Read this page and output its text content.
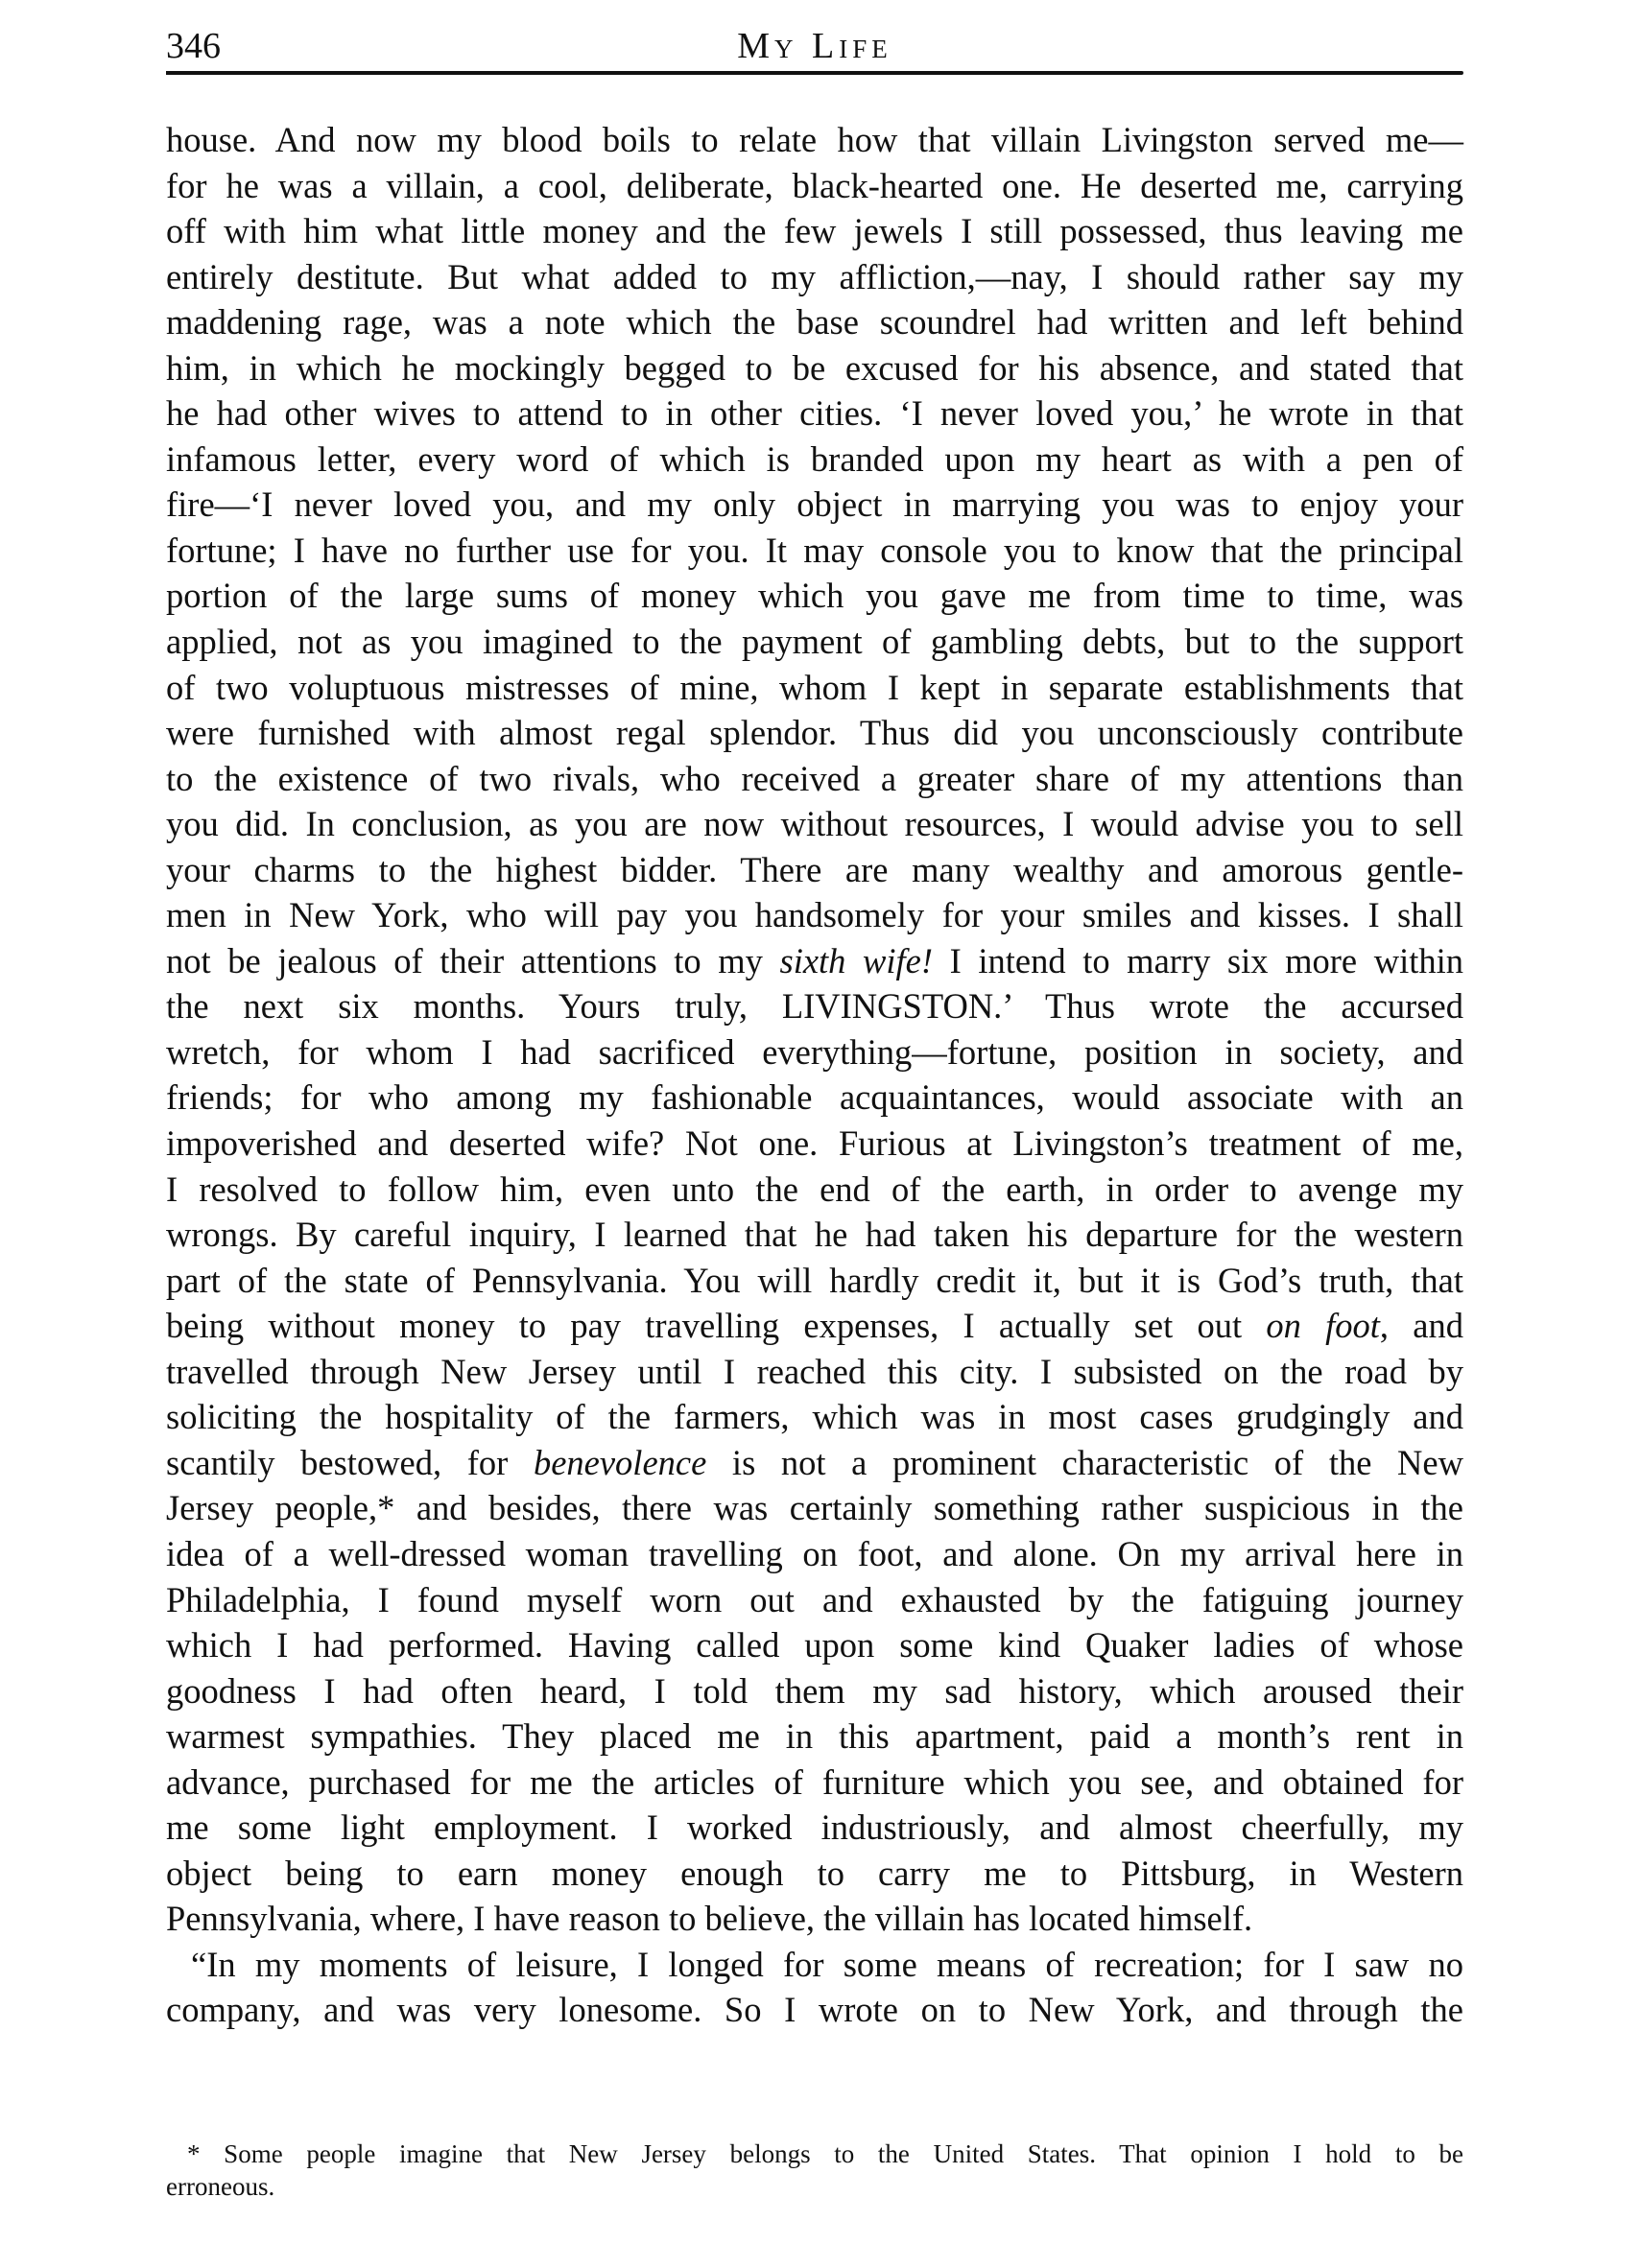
346	My Life
house. And now my blood boils to relate how that villain Livingston served me—
for he was a villain, a cool, deliberate, black-hearted one. He deserted me, carrying
off with him what little money and the few jewels I still possessed, thus leaving me
entirely destitute. But what added to my affliction,—nay, I should rather say my
maddening rage, was a note which the base scoundrel had written and left behind
him, in which he mockingly begged to be excused for his absence, and stated that
he had other wives to attend to in other cities. ‘I never loved you,’ he wrote in that
infamous letter, every word of which is branded upon my heart as with a pen of
fire—‘I never loved you, and my only object in marrying you was to enjoy your
fortune; I have no further use for you. It may console you to know that the principal
portion of the large sums of money which you gave me from time to time, was
applied, not as you imagined to the payment of gambling debts, but to the support
of two voluptuous mistresses of mine, whom I kept in separate establishments that
were furnished with almost regal splendor. Thus did you unconsciously contribute
to the existence of two rivals, who received a greater share of my attentions than
you did. In conclusion, as you are now without resources, I would advise you to sell
your charms to the highest bidder. There are many wealthy and amorous gentle-
men in New York, who will pay you handsomely for your smiles and kisses. I shall
not be jealous of their attentions to my sixth wife! I intend to marry six more within
the next six months. Yours truly, LIVINGSTON.’ Thus wrote the accursed
wretch, for whom I had sacrificed everything—fortune, position in society, and
friends; for who among my fashionable acquaintances, would associate with an
impoverished and deserted wife? Not one. Furious at Livingston’s treatment of me,
I resolved to follow him, even unto the end of the earth, in order to avenge my
wrongs. By careful inquiry, I learned that he had taken his departure for the western
part of the state of Pennsylvania. You will hardly credit it, but it is God’s truth, that
being without money to pay travelling expenses, I actually set out on foot, and
travelled through New Jersey until I reached this city. I subsisted on the road by
soliciting the hospitality of the farmers, which was in most cases grudgingly and
scantily bestowed, for benevolence is not a prominent characteristic of the New
Jersey people,* and besides, there was certainly something rather suspicious in the
idea of a well-dressed woman travelling on foot, and alone. On my arrival here in
Philadelphia, I found myself worn out and exhausted by the fatiguing journey
which I had performed. Having called upon some kind Quaker ladies of whose
goodness I had often heard, I told them my sad history, which aroused their
warmest sympathies. They placed me in this apartment, paid a month’s rent in
advance, purchased for me the articles of furniture which you see, and obtained for
me some light employment. I worked industriously, and almost cheerfully, my
object being to earn money enough to carry me to Pittsburg, in Western
Pennsylvania, where, I have reason to believe, the villain has located himself.
“In my moments of leisure, I longed for some means of recreation; for I saw no
company, and was very lonesome. So I wrote on to New York, and through the
* Some people imagine that New Jersey belongs to the United States. That opinion I hold to be
erroneous.
